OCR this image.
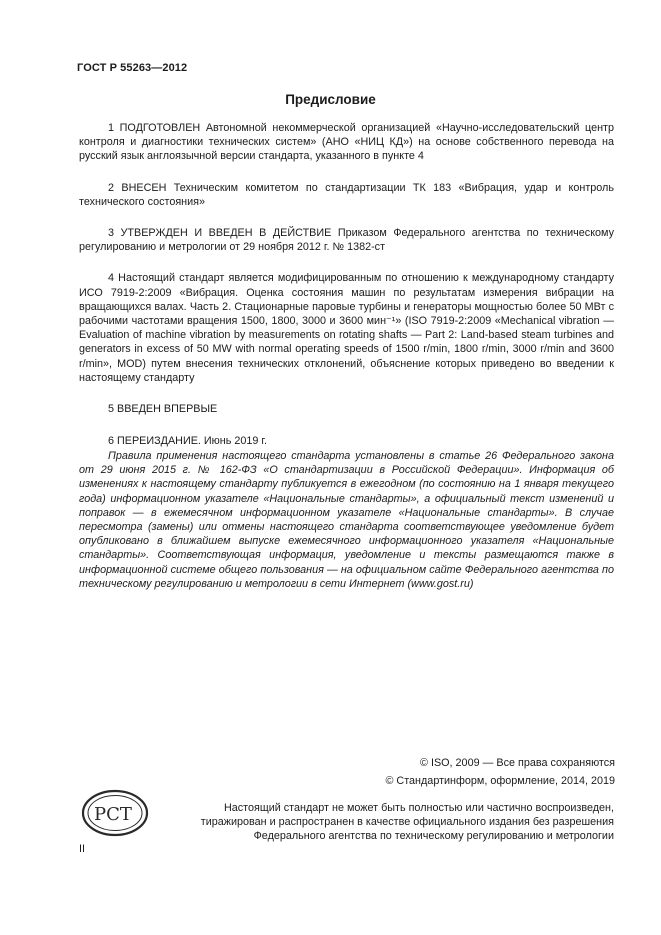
ГОСТ Р 55263—2012
Предисловие

1 ПОДГОТОВЛЕН Автономной некоммерческой организацией «Научно-исследовательский центр контроля и диагностики технических систем» (АНО «НИЦ КД») на основе собственного перевода на русский язык англоязычной версии стандарта, указанного в пункте 4

2 ВНЕСЕН Техническим комитетом по стандартизации ТК 183 «Вибрация, удар и контроль технического состояния»

3 УТВЕРЖДЕН И ВВЕДЕН В ДЕЙСТВИЕ Приказом Федерального агентства по техническому регулированию и метрологии от 29 ноября 2012 г. № 1382-ст

4 Настоящий стандарт является модифицированным по отношению к международному стандарту ИСО 7919-2:2009 «Вибрация. Оценка состояния машин по результатам измерения вибрации на вращающихся валах. Часть 2. Стационарные паровые турбины и генераторы мощностью более 50 МВт с рабочими частотами вращения 1500, 1800, 3000 и 3600 мин⁻¹» (ISO 7919-2:2009 «Mechanical vibration — Evaluation of machine vibration by measurements on rotating shafts — Part 2: Land-based steam turbines and generators in excess of 50 MW with normal operating speeds of 1500 r/min, 1800 r/min, 3000 r/min and 3600 r/min», MOD) путем внесения технических отклонений, объяснение которых приведено во введении к настоящему стандарту

5 ВВЕДЕН ВПЕРВЫЕ

6 ПЕРЕИЗДАНИЕ. Июнь 2019 г.

Правила применения настоящего стандарта установлены в статье 26 Федерального закона от 29 июня 2015 г. № 162-ФЗ «О стандартизации в Российской Федерации». Информация об изменениях к настоящему стандарту публикуется в ежегодном (по состоянию на 1 января текущего года) информационном указателе «Национальные стандарты», а официальный текст изменений и поправок — в ежемесячном информационном указателе «Национальные стандарты». В случае пересмотра (замены) или отмены настоящего стандарта соответствующее уведомление будет опубликовано в ближайшем выпуске ежемесячного информационного указателя «Национальные стандарты». Соответствующая информация, уведомление и тексты размещаются также в информационной системе общего пользования — на официальном сайте Федерального агентства по техническому регулированию и метрологии в сети Интернет (www.gost.ru)

© ISO, 2009 — Все права сохраняются
© Стандартинформ, оформление, 2014, 2019
РСТ	Настоящий стандарт не может быть полностью или частично воспроизведен, тиражирован и распространен в качестве официального издания без разрешения Федерального агентства по техническому регулированию и метрологии

II
